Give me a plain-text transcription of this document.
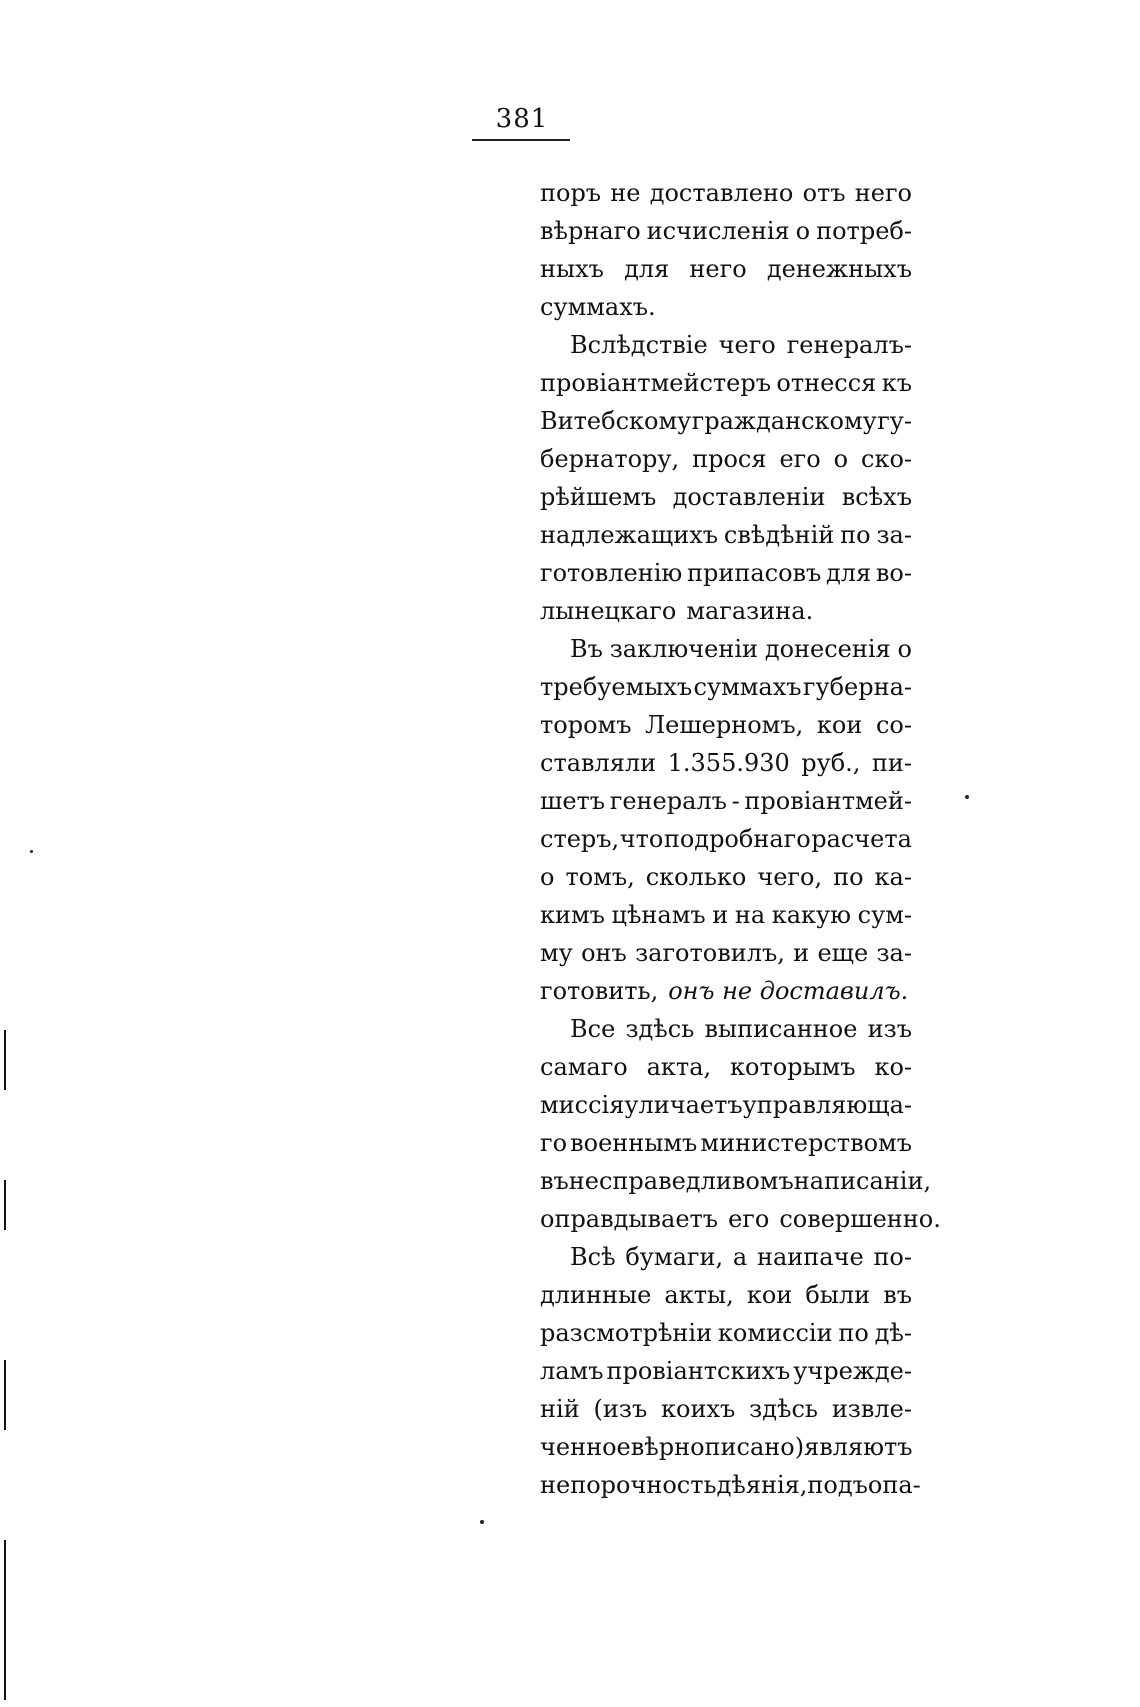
381
поръ не доставлено отъ него
вѣрнаго исчисленія о потреб-
ныхъ для него денежныхъ
суммахъ.
Вслѣдствіе чего генералъ-
провіантмейстеръ отнесся къ
Витебскому гражданскому гу-
бернатору, прося его о ско-
рѣйшемъ доставленіи всѣхъ
надлежащихъ свѣдѣній по за-
готовленію припасовъ для во-
лынецкаго магазина.
Въ заключеніи донесенія о
требуемыхъ суммахъ губерна-
торомъ Лешерномъ, кои со-
ставляли 1.355.930 руб., пи-
шетъ генералъ - провіантмей-
стеръ, что подробнаго расчета
о томъ, сколько чего, по ка-
кимъ цѣнамъ и на какую сум-
му онъ заготовилъ, и еще за-
готовить, онъ не доставилъ.
Все здѣсь выписанное изъ
самаго акта, которымъ ко-
миссія уличаетъ управляюща-
го военнымъ министерствомъ
въ несправедливомъ написаніи,
оправдываетъ его совершенно.
Всѣ бумаги, а наипаче по-
длинные акты, кои были въ
разсмотрѣніи комиссіи по дѣ-
ламъ провіантскихъ учрежде-
ній (изъ коихъ здѣсь извле-
ченное вѣрно писано) являютъ
непорочность дѣянія, подъ опа-
